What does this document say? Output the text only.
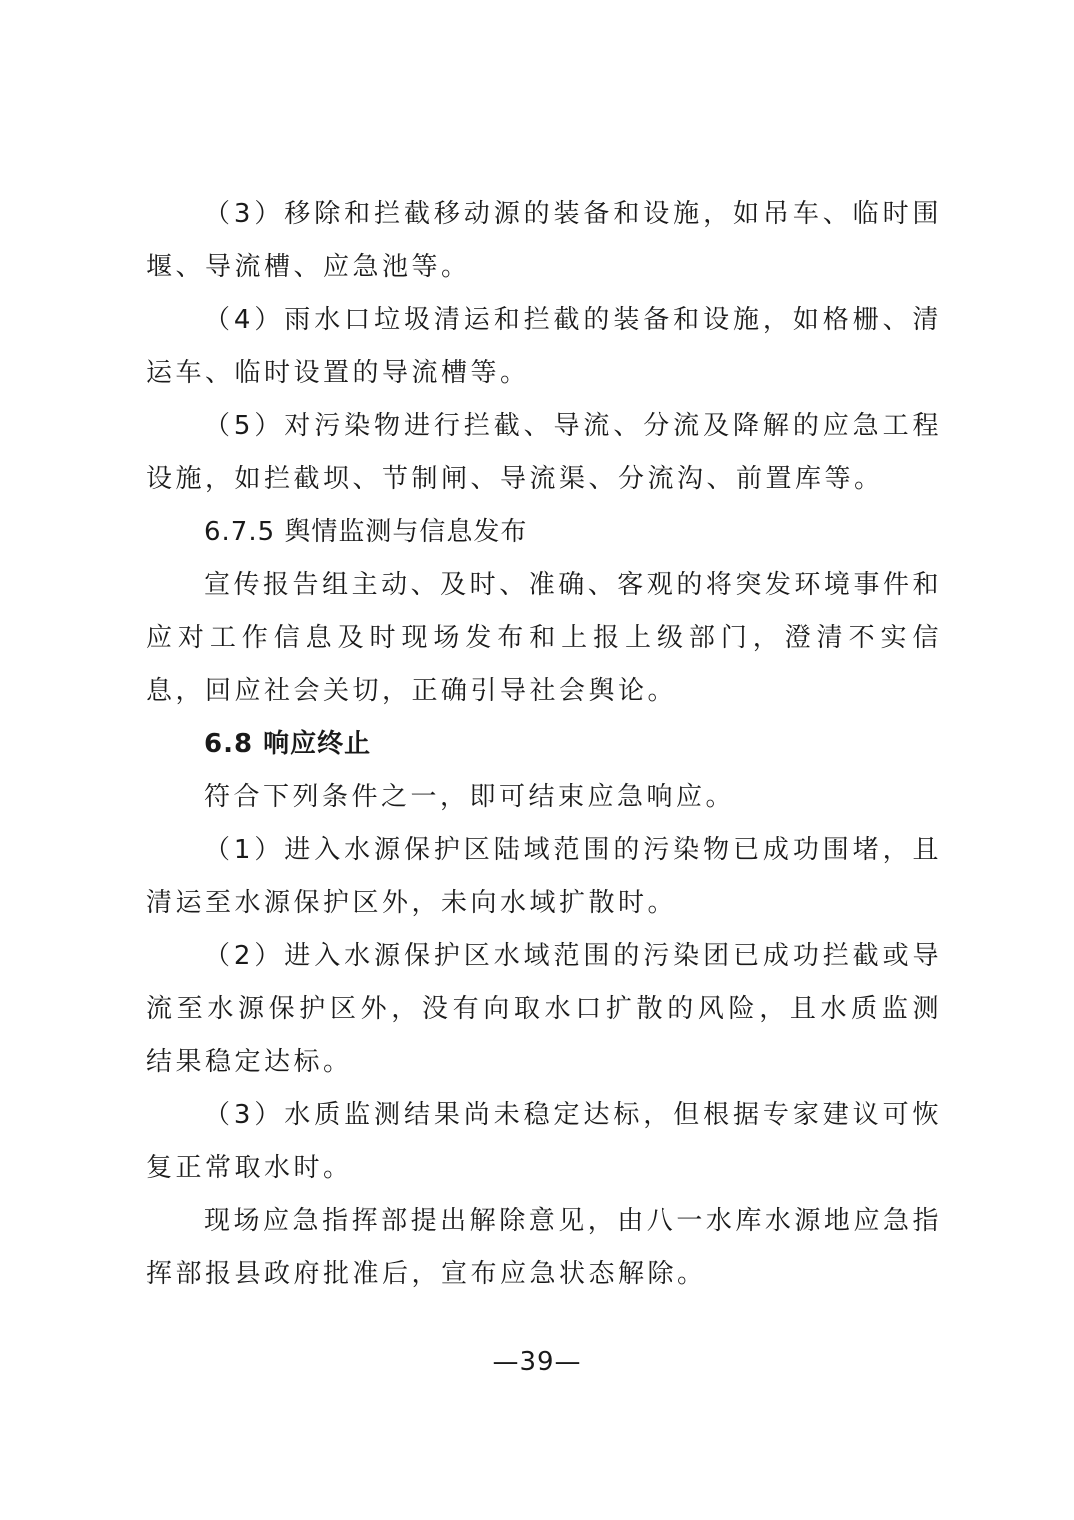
（3）移除和拦截移动源的装备和设施，如吊车、临时围堰、导流槽、应急池等。

（4）雨水口垃圾清运和拦截的装备和设施，如格栅、清运车、临时设置的导流槽等。

（5）对污染物进行拦截、导流、分流及降解的应急工程设施，如拦截坝、节制闸、导流渠、分流沟、前置库等。

6.7.5 舆情监测与信息发布

宣传报告组主动、及时、准确、客观的将突发环境事件和应对工作信息及时现场发布和上报上级部门，澄清不实信息，回应社会关切，正确引导社会舆论。

6.8 响应终止

符合下列条件之一，即可结束应急响应。

（1）进入水源保护区陆域范围的污染物已成功围堵，且清运至水源保护区外，未向水域扩散时。

（2）进入水源保护区水域范围的污染团已成功拦截或导流至水源保护区外，没有向取水口扩散的风险，且水质监测结果稳定达标。

（3）水质监测结果尚未稳定达标，但根据专家建议可恢复正常取水时。

现场应急指挥部提出解除意见，由八一水库水源地应急指挥部报县政府批准后，宣布应急状态解除。

—39—
